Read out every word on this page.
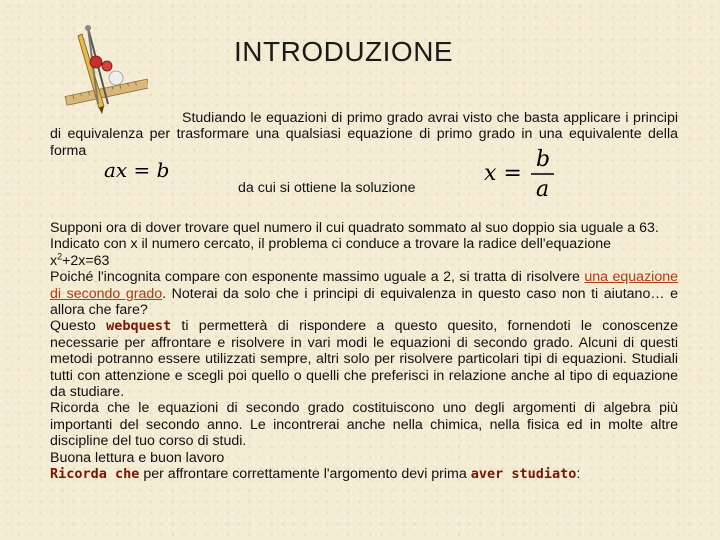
INTRODUZIONE
Studiando le equazioni di primo grado avrai visto che basta applicare i principi di equivalenza per trasformare una qualsiasi equazione di primo grado in una equivalente della forma
ax = b
da cui si ottiene la soluzione
x =
b
a

Supponi ora di dover trovare quel numero il cui quadrato sommato al suo doppio sia uguale a 63.

Indicato con x il numero cercato, il problema ci conduce a trovare la radice dell'equazione

$x^2+2x=63$

Poiché l'incognita compare con esponente massimo uguale a 2, si tratta di risolvere una equazione di secondo grado. Noterai da solo che i principi di equivalenza in questo caso non ti aiutano… e allora che fare?

Questo webquest ti permetterà di rispondere a questo quesito, fornendoti le conoscenze necessarie per affrontare e risolvere in vari modi le equazioni di secondo grado. Alcuni di questi metodi potranno essere utilizzati sempre, altri solo per risolvere particolari tipi di equazioni. Studiali tutti con attenzione e scegli poi quello o quelli che preferisci in relazione anche al tipo di equazione da studiare.

Ricorda che le equazioni di secondo grado costituiscono uno degli argomenti di algebra più importanti del secondo anno. Le incontrerai anche nella chimica, nella fisica ed in molte altre discipline del tuo corso di studi.

Buona lettura e buon lavoro

Ricorda che per affrontare correttamente l'argomento devi prima aver studiato:
